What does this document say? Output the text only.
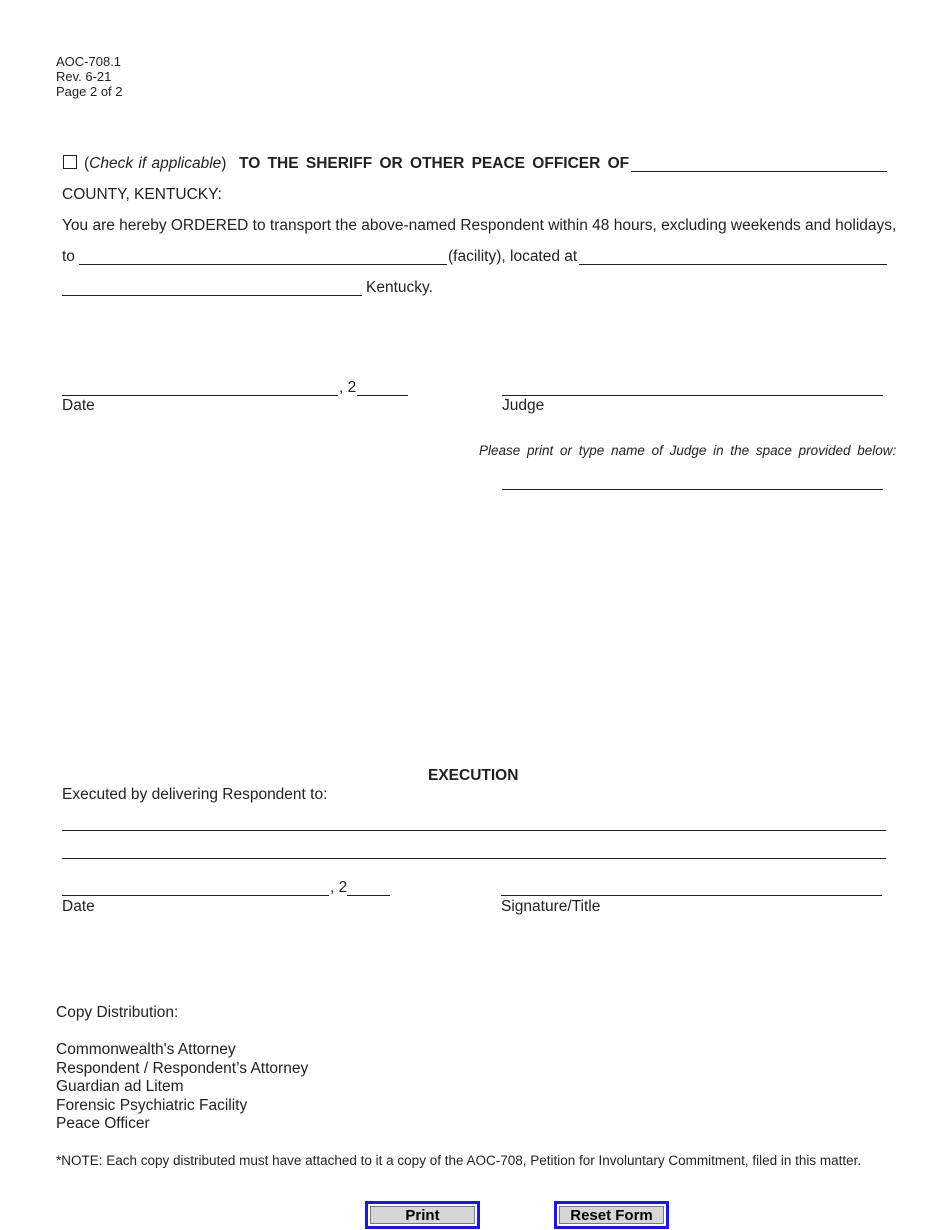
AOC-708.1
Rev. 6-21
Page 2 of 2
(Check if applicable) TO THE SHERIFF OR OTHER PEACE OFFICER OF
COUNTY, KENTUCKY:
You are hereby ORDERED to transport the above-named Respondent within 48 hours, excluding weekends and holidays,
to	(facility), located at
Kentucky.
, 2
Date	Judge
Please print or type name of Judge in the space provided below:
EXECUTION
Executed by delivering Respondent to:
, 2
Date	Signature/Title
Copy Distribution:
Commonwealth's Attorney
Respondent / Respondent’s Attorney
Guardian ad Litem
Forensic Psychiatric Facility
Peace Officer
*NOTE: Each copy distributed must have attached to it a copy of the AOC-708, Petition for Involuntary Commitment, filed in this matter.
Print	Reset Form
